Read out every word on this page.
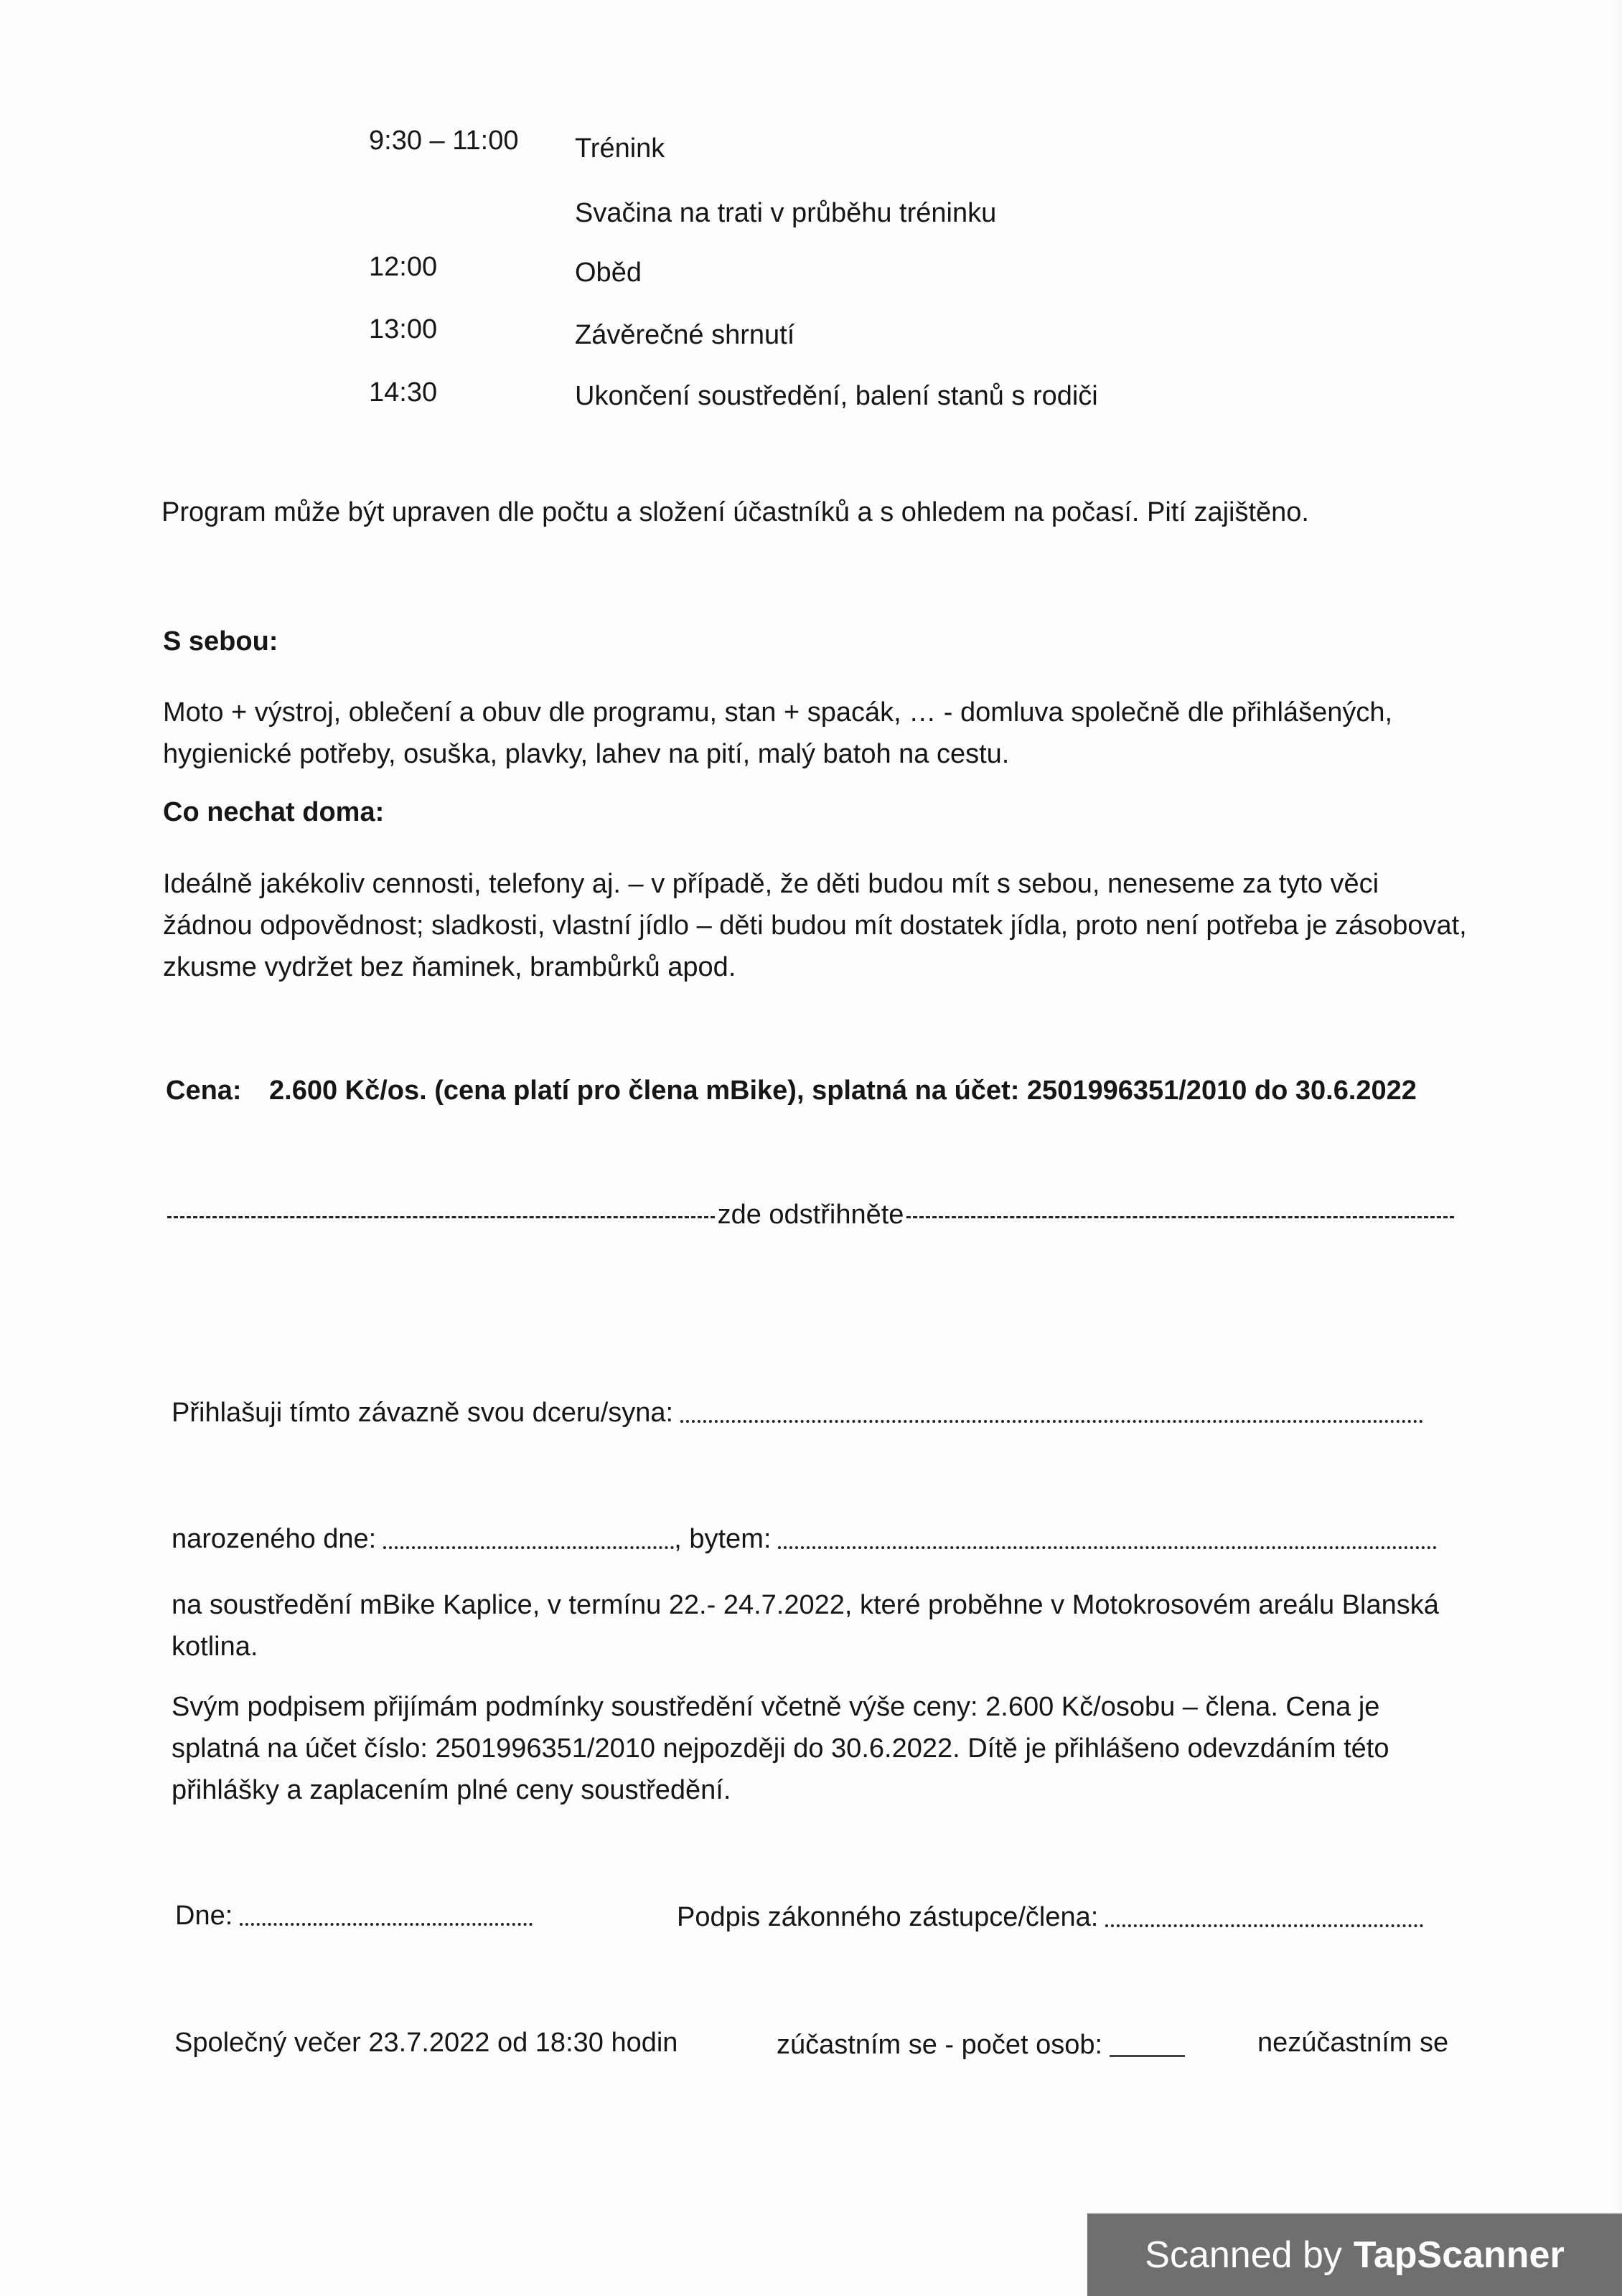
9:30 – 11:00 Trénink
Svačina na trati v průběhu tréninku
12:00	Oběd
13:00	Závěrečné shrnutí
14:30	Ukončení soustředění, balení stanů s rodiči
Program může být upraven dle počtu a složení účastníků a s ohledem na počasí. Pití zajištěno.
S sebou:
Moto + výstroj, oblečení a obuv dle programu, stan + spacák, … - domluva společně dle přihlášených, hygienické potřeby, osuška, plavky, lahev na pití, malý batoh na cestu.
Co nechat doma:
Ideálně jakékoliv cennosti, telefony aj. – v případě, že děti budou mít s sebou, neneseme za tyto věci žádnou odpovědnost; sladkosti, vlastní jídlo – děti budou mít dostatek jídla, proto není potřeba je zásobovat, zkusme vydržet bez ňaminek, brambůrků apod.
Cena: 2.600 Kč/os. (cena platí pro člena mBike), splatná na účet: 2501996351/2010 do 30.6.2022
zde odstřihněte
Přihlašuji tímto závazně svou dceru/syna:
narozeného dne:	, bytem:
na soustředění mBike Kaplice, v termínu 22.- 24.7.2022, které proběhne v Motokrosovém areálu Blanská kotlina.
Svým podpisem přijímám podmínky soustředění včetně výše ceny: 2.600 Kč/osobu – člena. Cena je splatná na účet číslo: 2501996351/2010 nejpozději do 30.6.2022. Dítě je přihlášeno odevzdáním této přihlášky a zaplacením plné ceny soustředění.
Dne:	Podpis zákonného zástupce/člena:
Společný večer 23.7.2022 od 18:30 hodin	zúčastním se - počet osob:	nezúčastním se
Scanned by TapScanner
